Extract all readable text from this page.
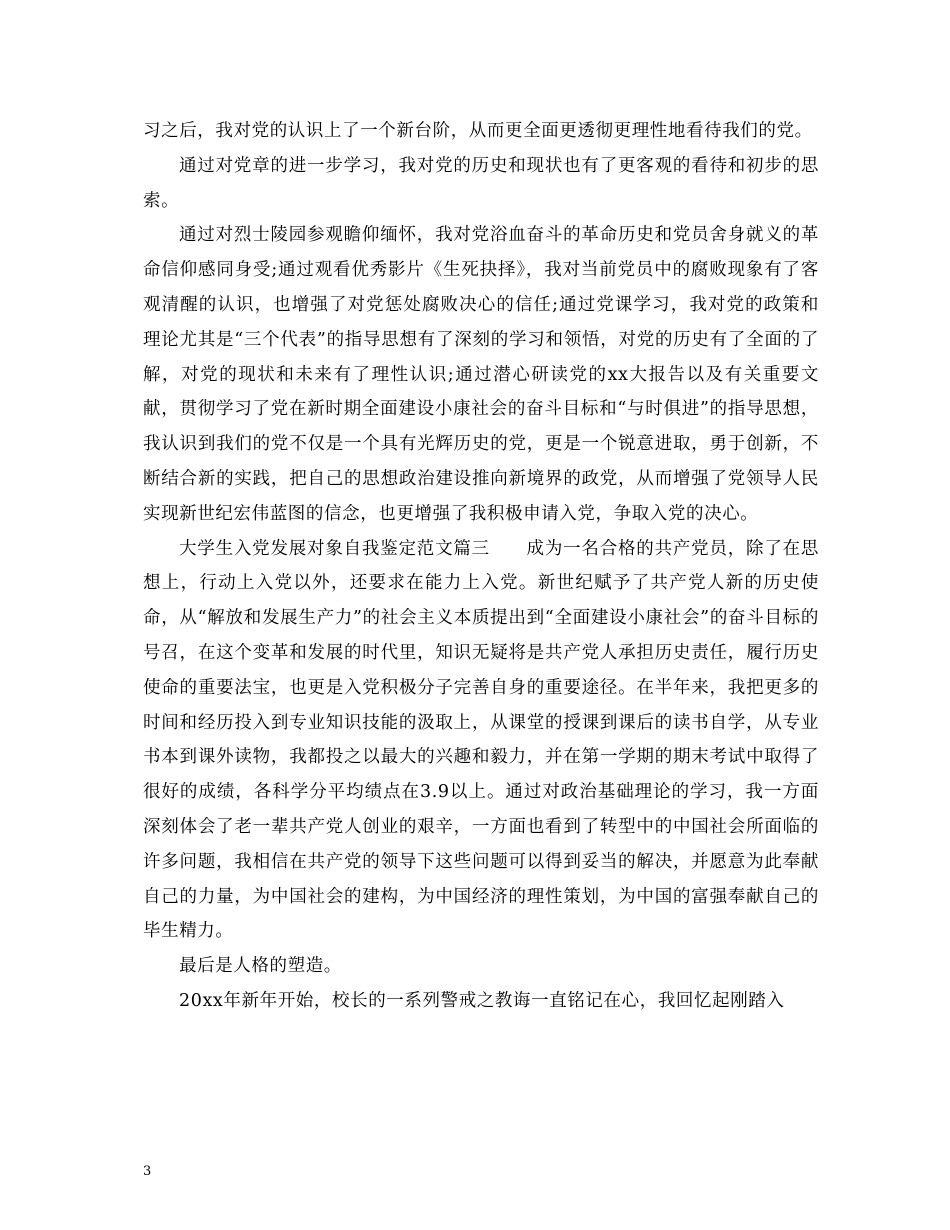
习之后，我对党的认识上了一个新台阶，从而更全面更透彻更理性地看待我们的党。

通过对党章的进一步学习，我对党的历史和现状也有了更客观的看待和初步的思索。

通过对烈士陵园参观瞻仰缅怀，我对党浴血奋斗的革命历史和党员舍身就义的革命信仰感同身受;通过观看优秀影片《生死抉择》，我对当前党员中的腐败现象有了客观清醒的认识，也增强了对党惩处腐败决心的信任;通过党课学习，我对党的政策和理论尤其是“三个代表”的指导思想有了深刻的学习和领悟，对党的历史有了全面的了解，对党的现状和未来有了理性认识;通过潜心研读党的xx大报告以及有关重要文献，贯彻学习了党在新时期全面建设小康社会的奋斗目标和“与时俱进”的指导思想，我认识到我们的党不仅是一个具有光辉历史的党，更是一个锐意进取，勇于创新，不断结合新的实践，把自己的思想政治建设推向新境界的政党，从而增强了党领导人民实现新世纪宏伟蓝图的信念，也更增强了我积极申请入党，争取入党的决心。

大学生入党发展对象自我鉴定范文篇三　　成为一名合格的共产党员，除了在思想上，行动上入党以外，还要求在能力上入党。新世纪赋予了共产党人新的历史使命，从“解放和发展生产力”的社会主义本质提出到“全面建设小康社会”的奋斗目标的号召，在这个变革和发展的时代里，知识无疑将是共产党人承担历史责任，履行历史使命的重要法宝，也更是入党积极分子完善自身的重要途径。在半年来，我把更多的时间和经历投入到专业知识技能的汲取上，从课堂的授课到课后的读书自学，从专业书本到课外读物，我都投之以最大的兴趣和毅力，并在第一学期的期末考试中取得了很好的成绩，各科学分平均绩点在3.9以上。通过对政治基础理论的学习，我一方面深刻体会了老一辈共产党人创业的艰辛，一方面也看到了转型中的中国社会所面临的许多问题，我相信在共产党的领导下这些问题可以得到妥当的解决，并愿意为此奉献自己的力量，为中国社会的建构，为中国经济的理性策划，为中国的富强奉献自己的毕生精力。

最后是人格的塑造。

20xx年新年开始，校长的一系列警戒之教诲一直铭记在心，我回忆起刚踏入

3
